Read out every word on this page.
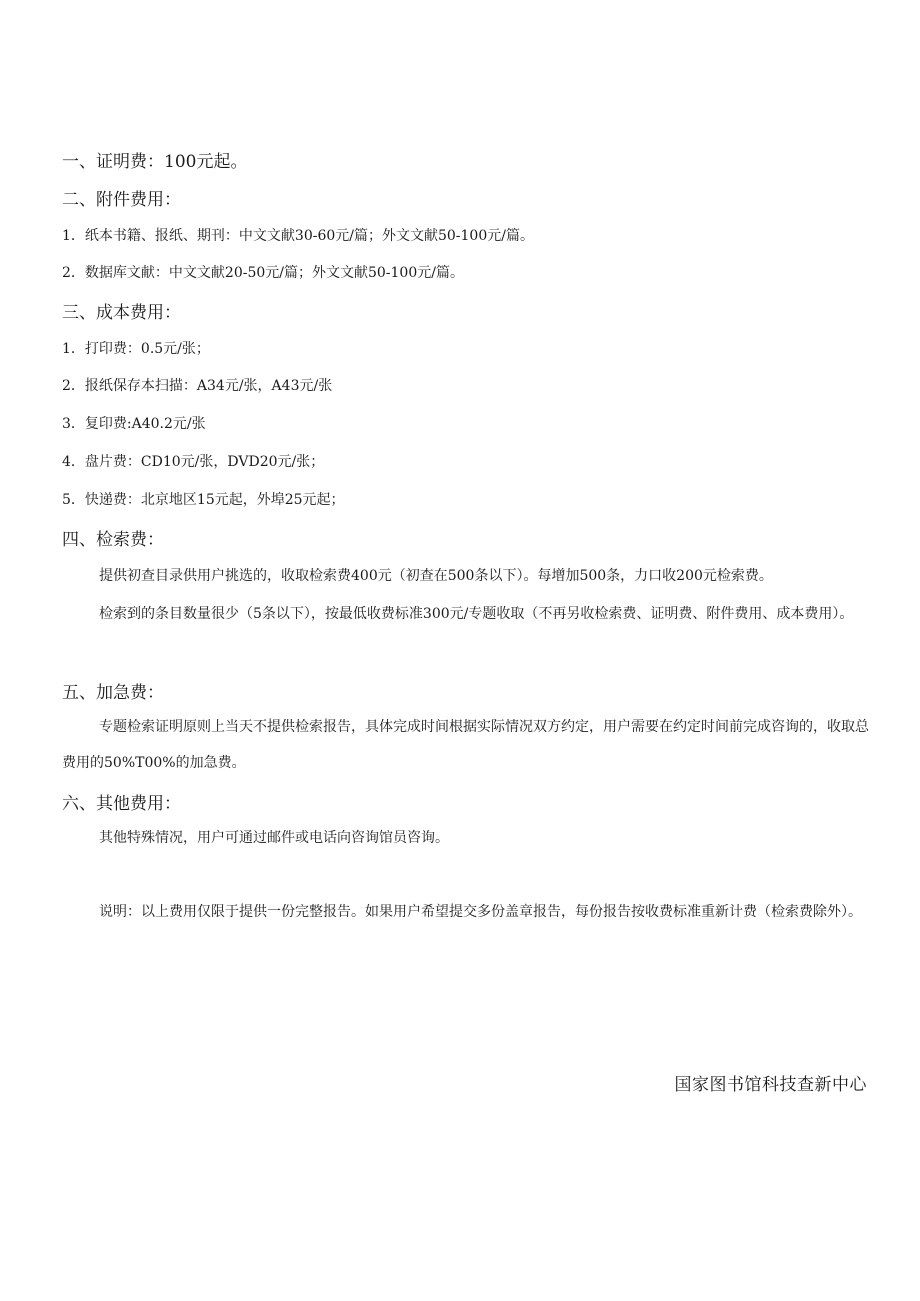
一、证明费：100元起。
二、附件费用：
1．纸本书籍、报纸、期刊：中文文献30-60元/篇；外文文献50-100元/篇。
2．数据库文献：中文文献20-50元/篇；外文文献50-100元/篇。
三、成本费用：
1．打印费：0.5元/张；
2．报纸保存本扫描：A34元/张，A43元/张
3．复印费:A40.2元/张
4．盘片费：CD10元/张，DVD20元/张；
5．快递费：北京地区15元起，外埠25元起；
四、检索费：
提供初查目录供用户挑选的，收取检索费400元（初查在500条以下）。每增加500条，力口收200元检索费。
检索到的条目数量很少（5条以下），按最低收费标准300元/专题收取（不再另收检索费、证明费、附件费用、成本费用）。
五、加急费：
专题检索证明原则上当天不提供检索报告，具体完成时间根据实际情况双方约定，用户需要在约定时间前完成咨询的，收取总费用的50%T00%的加急费。
六、其他费用：
其他特殊情况，用户可通过邮件或电话向咨询馆员咨询。
说明：以上费用仅限于提供一份完整报告。如果用户希望提交多份盖章报告，每份报告按收费标准重新计费（检索费除外）。
国家图书馆科技查新中心
